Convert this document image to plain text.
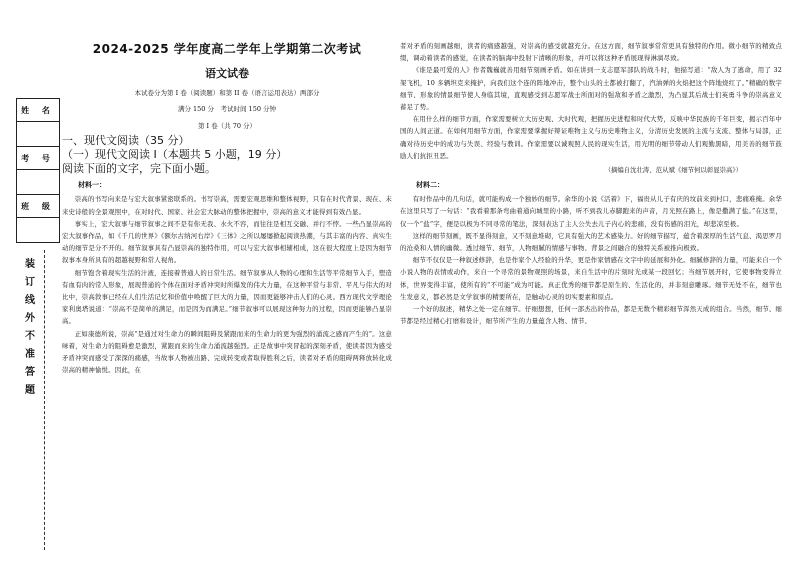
姓 名

考 号

班 级

装
订
线
外
不
准
答
题
2024-2025 学年度高二学年上学期第二次考试
语文试卷
本试卷分为第 I 卷（阅读题）和第 II 卷（语言运用表达）两部分
满分 150 分　考试时间 150 分钟
第 I 卷（共 70 分）
一、现代文阅读（35 分）
（一）现代文阅读 I（本题共 5 小题，19 分）
阅读下面的文字，完下面小题。
材料一：

崇高的书写向来是与宏大叙事紧密联系的。书写崇高，需要宏观思维和整体视野，只有在时代背景、现在、未来史诗般的全景观照中，在对时代、国家、社会宏大脉动的整体把握中，崇高的意义才能得到有效凸显。

事实上，宏大叙事与细节叙事之间不是有你无我、水火不容，而往往是相互交融、并行不悖。一些凸显崇高的宏大叙事作品，如《千几的世界》《额尔古纳河右岸》《三体》之所以屡屡掀起阅读热潮，与其丰富的内容、真实生动的细节是分不开的。细节叙事具有凸显崇高的独特作用，可以与宏大叙事相辅相成，这在很大程度上是因为细节叙事本身所具有的超越视野和常人视角。

细节饱含着现实生活的汁液，连接着普通人的日常生活。细节叙事从人物的心理和生活等平常细节入手，塑造有血有肉的常人形象，展现普通的个体在面对矛盾冲突时所爆发的伟大力量，在这种平常与非常、平凡与伟大的对比中，崇高敘事已经在人们生活记忆和价值中唤醒了巨大的力量，因而更能够冲击人们的心灵。西方现代文学理论家利奥塔说道：“崇高不是简单的满足，而是因为而满足。”细节叙事可以展现这种努力的过程，因而更能够凸显崇高。

正如康德所说，崇高“是通过对生命力的瞬间阻碍及紧跟而来的生命力的更为强烈的涌流之感而产生的”。这意味着，对生命力的阻碍愈是激烈，紧跟而来的生命力涌流越强烈。正是故事中突冒起的深刻矛盾，使读者因为感受矛盾冲突而感受了深深的痛感，当故事人物被出路、完成转变或者取得胜利之后，读者对矛盾的阻碍两释放转化成崇高的精神愉悦。因此，在

者对矛盾的刻画越细，读者的痛感越强，对崇高的感受就越充分。在这方面，细节叙事常常更具有独特的作用。微小细节的精致点缀，调动着读者的感觉，在读者的脑海中投射下清晰的形象，并可以将这种矛盾展现得淋漓尽致。

《谁是最可爱的人》作者魏巍就善用细节刻画矛盾。如在讲到一支志愿军部队的战斗时，他描写道：“敌人为了逃命，用了 32 架飞机，10 多辆坦克来掩护，向我们这个连的阵地冲击，整个山头的土都被打翻了，汽油弹的火焰把这个阵地烧红了。”精确的数字细节、形象的情景细节使人身临其境，直观感受到志愿军战士所面对的强敌和矛盾之激烈，为凸显其后战士们英勇斗争的崇高意义蓄足了势。

在用什么样的细节方面，作家需要树立大历史观、大时代观，把握历史进程和时代大势，反映中华民族的千年巨变，揭示百年中国的人间正道。在如何用细节方面，作家需要掌握好辩证唯物主义与历史唯物主义，分清历史发展的主流与支流、整体与局部，正确对待历史中的成功与失误、经验与教训。作家需要以诚观照人民的现实生活，用光明的细节带动人们观勤黑暗，用美善的细节鼓励人们抗拒丑恶。

（摘编自沈壮涛、范从斌《细节何以彰显崇高》）

材料二：

有时作品中的几句话，就可能构成一个独妙的细节。余华的小说《活着》下，福贵从儿子有庆的坟前来到村口，悲痛难掩。余华在这里只写了一句话：“我看着那条弯曲着通向城里的小路，听不到我儿赤脚跑来的声音，月光照在路上，像是撒满了盐。”在这里，仅一个“盐”字，便是以极为不同寻常的笔法，深刻表达了主人公失去儿子内心的悲痛，没有伤感的泪光，却悲凉至极。

这样的细节刻画，既不显得刻意，又不刻意堆砌，它具有强大的艺术感染力。好的细节描写，蕴含着深厚的生活气息、渴思罗月的沧桑和人情的幽微。透过细节、细节，人物细腻的情感与事物、背景之间融合的独特关系被推向极致。

细节不仅仅是一种叙述修辞，也是作家个人经验的升华，更是作家情感在文字中的延展和外化。细腻修辞的力量，可能来自一个小说人物的表情或动作，来自一个寻常的景物观照的场景，来自生活中的片刻时光或某一段回忆；当细节展开时，它使事物变得立体，世界变得丰富，使所有的“不可能”成为可能。真正优秀的细节都是原生的、生活化的，并非刻意雕琢。细节无处不在，细节也生发意义，都必然是文学叙事的精要所在，是触动心灵的切实要素和原点。

一个好的叙述，精华之处一定在细节。仔细想想，任何一部杰出的作品，都是无数个精彩细节浑然天成的组合。当然，细节、细节都是经过精心打磨和设计，细节所产生的力量蕴含人物、情节、
